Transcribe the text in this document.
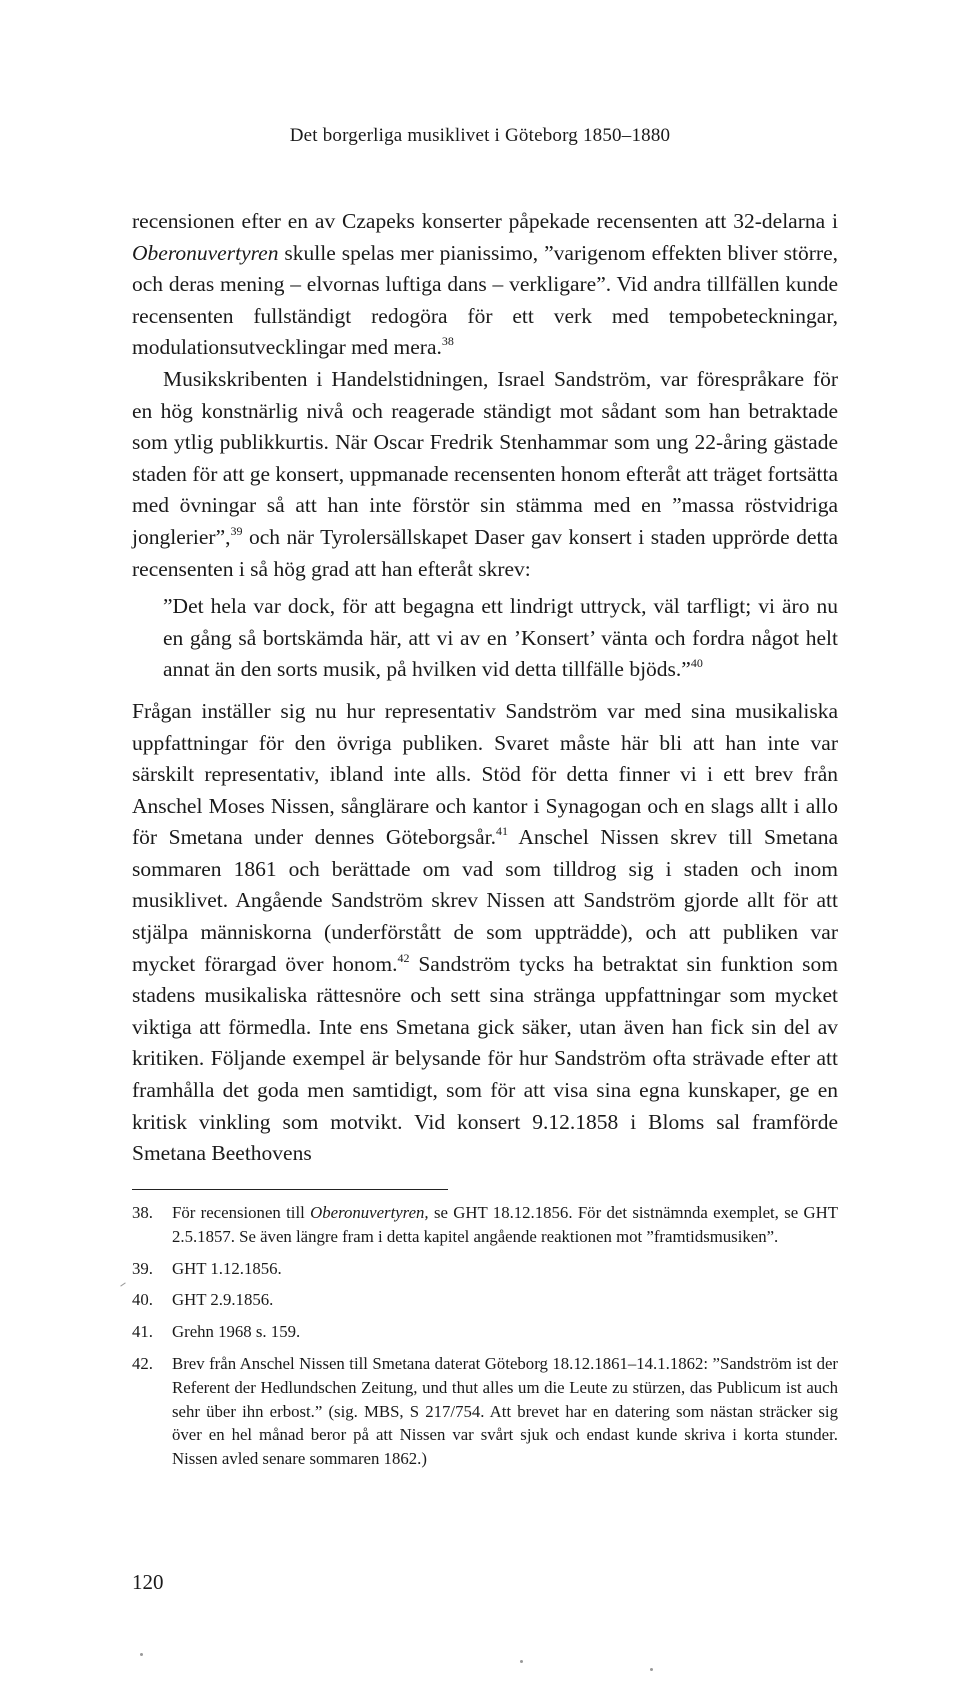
Det borgerliga musiklivet i Göteborg 1850–1880

recensionen efter en av Czapeks konserter påpekade recensenten att 32-delarna i Oberonuvertyren skulle spelas mer pianissimo, ”varigenom effekten bliver större, och deras mening – elvornas luftiga dans – verkligare”. Vid andra tillfällen kunde recensenten fullständigt redogöra för ett verk med tempobeteckningar, modulationsutvecklingar med mera.$^{38}$

Musikskribenten i Handelstidningen, Israel Sandström, var förespråkare för en hög konstnärlig nivå och reagerade ständigt mot sådant som han betraktade som ytlig publikkurtis. När Oscar Fredrik Stenhammar som ung 22-åring gästade staden för att ge konsert, uppmanade recensenten honom efteråt att träget fortsätta med övningar så att han inte förstör sin stämma med en ”massa röstvidriga jonglerier”,$^{39}$ och när Tyrolersällskapet Daser gav konsert i staden upprörde detta recensenten i så hög grad att han efteråt skrev:

”Det hela var dock, för att begagna ett lindrigt uttryck, väl tarfligt; vi äro nu en gång så bortskämda här, att vi av en ’Konsert’ vänta och fordra något helt annat än den sorts musik, på hvilken vid detta tillfälle bjöds.”$^{40}$

Frågan inställer sig nu hur representativ Sandström var med sina musikaliska uppfattningar för den övriga publiken. Svaret måste här bli att han inte var särskilt representativ, ibland inte alls. Stöd för detta finner vi i ett brev från Anschel Moses Nissen, sånglärare och kantor i Synagogan och en slags allt i allo för Smetana under dennes Göteborgsår.$^{41}$ Anschel Nissen skrev till Smetana sommaren 1861 och berättade om vad som tilldrog sig i staden och inom musiklivet. Angående Sandström skrev Nissen att Sandström gjorde allt för att stjälpa människorna (underförstått de som uppträdde), och att publiken var mycket förargad över honom.$^{42}$ Sandström tycks ha betraktat sin funktion som stadens musikaliska rättesnöre och sett sina stränga uppfattningar som mycket viktiga att förmedla. Inte ens Smetana gick säker, utan även han fick sin del av kritiken. Följande exempel är belysande för hur Sandström ofta strävade efter att framhålla det goda men samtidigt, som för att visa sina egna kunskaper, ge en kritisk vinkling som motvikt. Vid konsert 9.12.1858 i Bloms sal framförde Smetana Beethovens

38.	För recensionen till Oberonuvertyren, se GHT 18.12.1856. För det sistnämnda exemplet, se GHT 2.5.1857. Se även längre fram i detta kapitel angående reaktionen mot ”framtidsmusiken”.
39.	GHT 1.12.1856.
40.	GHT 2.9.1856.
41.	Grehn 1968 s. 159.
42.	Brev från Anschel Nissen till Smetana daterat Göteborg 18.12.1861–14.1.1862: ”Sandström ist der Referent der Hedlundschen Zeitung, und thut alles um die Leute zu stürzen, das Publicum ist auch sehr über ihn erbost.” (sig. MBS, S 217/754. Att brevet har en datering som nästan sträcker sig över en hel månad beror på att Nissen var svårt sjuk och endast kunde skriva i korta stunder. Nissen avled senare sommaren 1862.)
120
